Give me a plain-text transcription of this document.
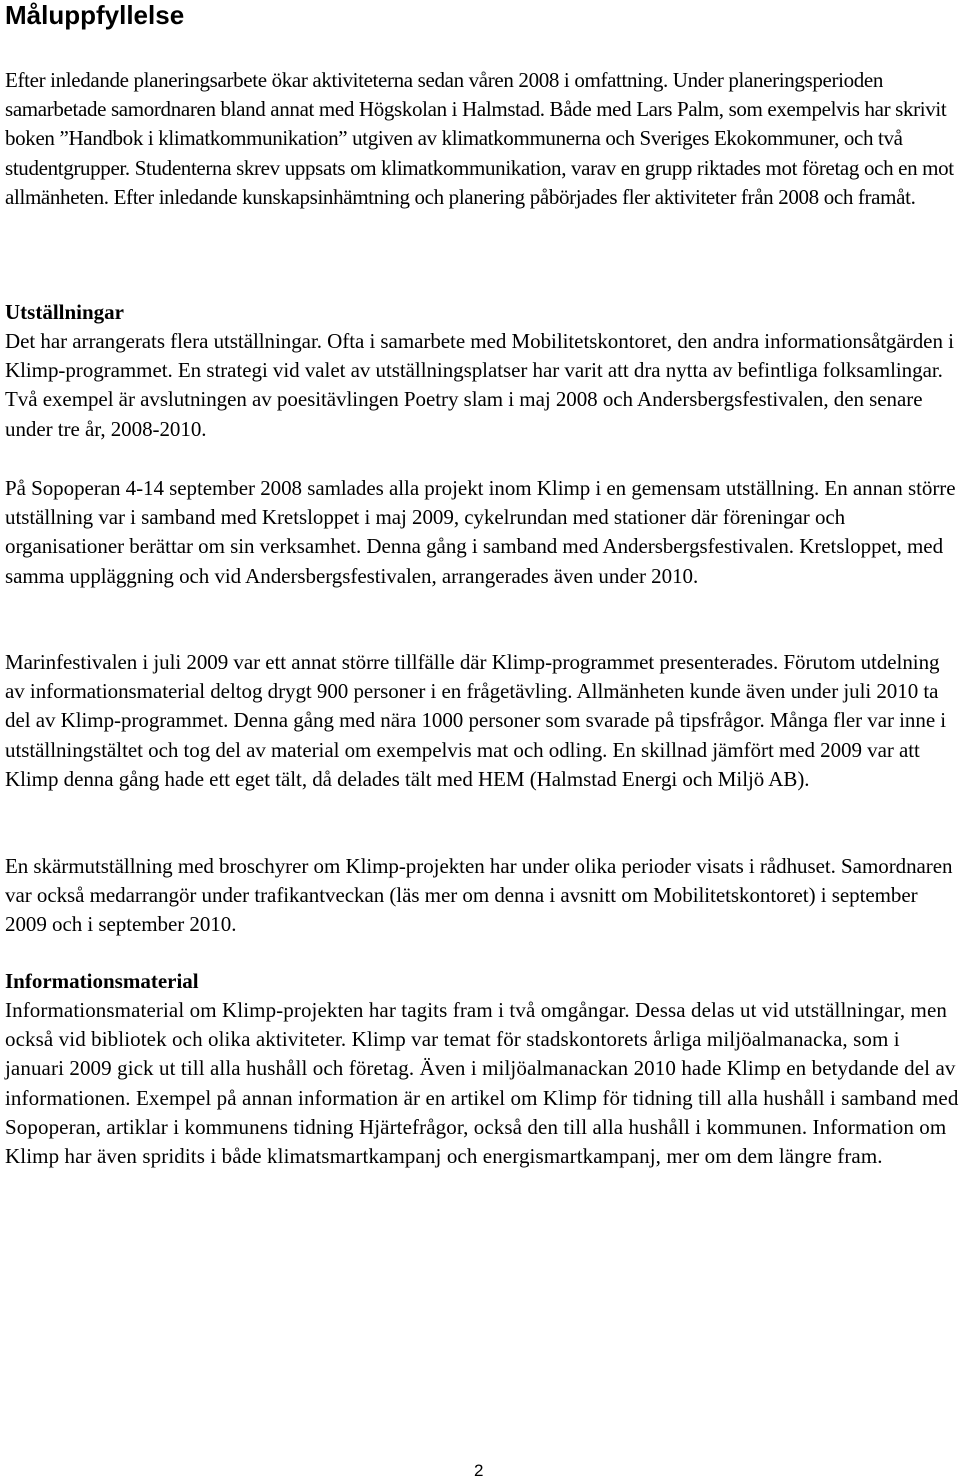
Måluppfyllelse

Efter inledande planeringsarbete ökar aktiviteterna sedan våren 2008 i omfattning. Under planeringsperioden samarbetade samordnaren bland annat med Högskolan i Halmstad. Både med Lars Palm, som exempelvis har skrivit boken ”Handbok i klimatkommunikation” utgiven av klimatkommunerna och Sveriges Ekokommuner, och två studentgrupper. Studenterna skrev uppsats om klimatkommunikation, varav en grupp riktades mot företag och en mot allmänheten. Efter inledande kunskapsinhämtning och planering påbörjades fler aktiviteter från 2008 och framåt.

Utställningar

Det har arrangerats flera utställningar. Ofta i samarbete med Mobilitetskontoret, den andra informationsåtgärden i Klimp-programmet. En strategi vid valet av utställningsplatser har varit att dra nytta av befintliga folksamlingar. Två exempel är avslutningen av poesitävlingen Poetry slam i maj 2008 och Andersbergsfestivalen, den senare under tre år, 2008-2010.

På Sopoperan 4-14 september 2008 samlades alla projekt inom Klimp i en gemensam utställning. En annan större utställning var i samband med Kretsloppet i maj 2009, cykelrundan med stationer där föreningar och organisationer berättar om sin verksamhet. Denna gång i samband med Andersbergsfestivalen. Kretsloppet, med samma uppläggning och vid Andersbergsfestivalen, arrangerades även under 2010.

Marinfestivalen i juli 2009 var ett annat större tillfälle där Klimp-programmet presenterades. Förutom utdelning av informationsmaterial deltog drygt 900 personer i en frågetävling. Allmänheten kunde även under juli 2010 ta del av Klimp-programmet. Denna gång med nära 1000 personer som svarade på tipsfrågor. Många fler var inne i utställningstältet och tog del av material om exempelvis mat och odling. En skillnad jämfört med 2009 var att Klimp denna gång hade ett eget tält, då delades tält med HEM (Halmstad Energi och Miljö AB).

En skärmutställning med broschyrer om Klimp-projekten har under olika perioder visats i rådhuset. Samordnaren var också medarrangör under trafikantveckan (läs mer om denna i avsnitt om Mobilitetskontoret) i september 2009 och i september 2010.

Informationsmaterial

Informationsmaterial om Klimp-projekten har tagits fram i två omgångar. Dessa delas ut vid utställningar, men också vid bibliotek och olika aktiviteter. Klimp var temat för stadskontorets årliga miljöalmanacka, som i januari 2009 gick ut till alla hushåll och företag. Även i miljöalmanackan 2010 hade Klimp en betydande del av informationen. Exempel på annan information är en artikel om Klimp för tidning till alla hushåll i samband med Sopoperan, artiklar i kommunens tidning Hjärtefrågor, också den till alla hushåll i kommunen. Information om Klimp har även spridits i både klimatsmartkampanj och energismartkampanj, mer om dem längre fram.

2
